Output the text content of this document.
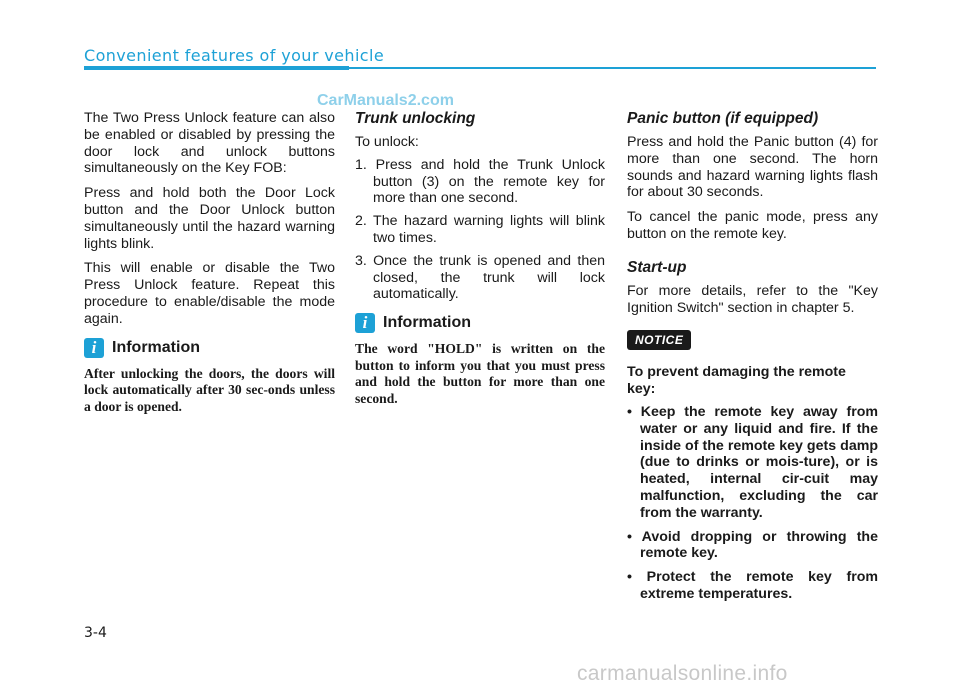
Convenient features of your vehicle
CarManuals2.com

The Two Press Unlock feature can also be enabled or disabled by pressing the door lock and unlock buttons simultaneously on the Key FOB:

Press and hold both the Door Lock button and the Door Unlock button simultaneously until the hazard warning lights blink.

This will enable or disable the Two Press Unlock feature. Repeat this procedure to enable/disable the mode again.

i Information

After unlocking the doors, the doors will lock automatically after 30 sec-onds unless a door is opened.

Trunk unlocking

To unlock:

1. Press and hold the Trunk Unlock button (3) on the remote key for more than one second.
2. The hazard warning lights will blink two times.
3. Once the trunk is opened and then closed, the trunk will lock automatically.
i Information

The word "HOLD" is written on the button to inform you that you must press and hold the button for more than one second.

Panic button (if equipped)

Press and hold the Panic button (4) for more than one second. The horn sounds and hazard warning lights flash for about 30 seconds.

To cancel the panic mode, press any button on the remote key.

Start-up

For more details, refer to the "Key Ignition Switch" section in chapter 5.

NOTICE

To prevent damaging the remote key:

• Keep the remote key away from water or any liquid and fire. If the inside of the remote key gets damp (due to drinks or mois-ture), or is heated, internal cir-cuit may malfunction, excluding the car from the warranty.
• Avoid dropping or throwing the remote key.
• Protect the remote key from extreme temperatures.
3-4
carmanualsonline.info
